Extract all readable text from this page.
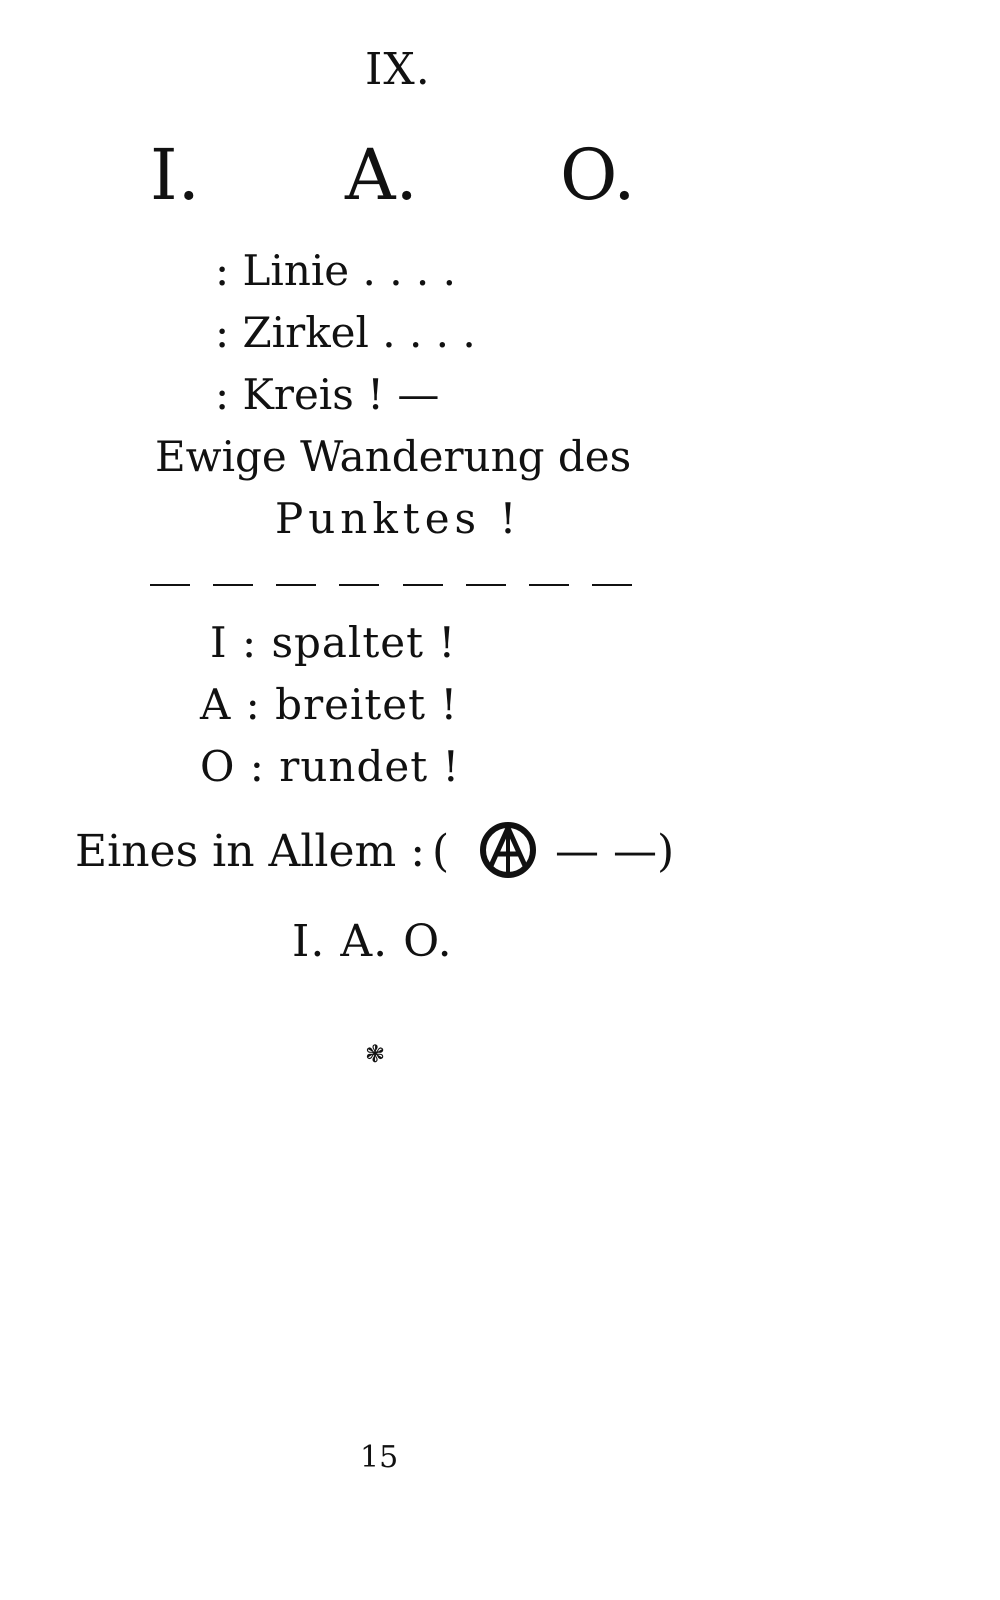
IX.
I. A. O.
: Linie . . . .
: Zirkel . . . .
: Kreis ! —
Ewige Wanderung des
Punktes !
I : spaltet !
A : breitet !
O : rundet !
Eines in Allem : ( — —)
I. A. O.
❃
15
